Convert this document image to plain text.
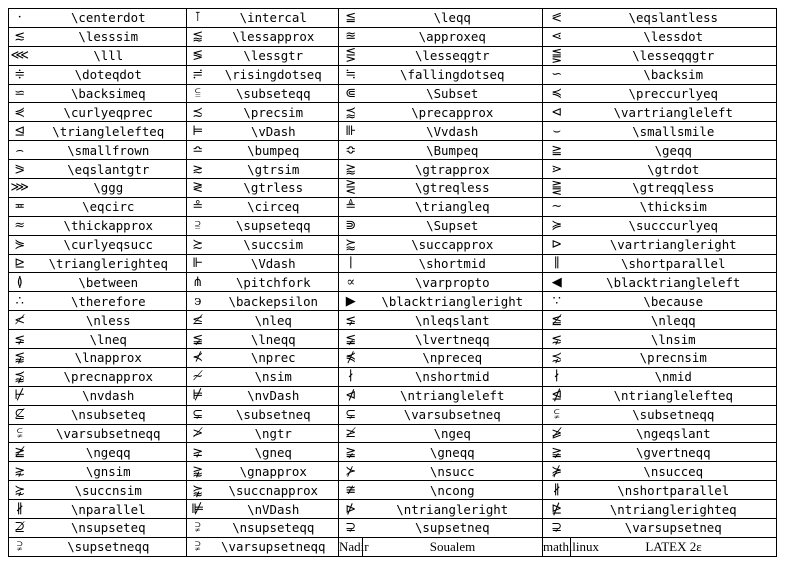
·	\centerdot	⊺	\intercal	≦	\leqq	⪕	\eqslantless
≲	\lesssim	⪅	\lessapprox	≊	\approxeq	⋖	\lessdot
⋘	\lll	≶	\lessgtr	⋚	\lesseqgtr	⪋	\lesseqqgtr
≑	\doteqdot	≓	\risingdotseq	≒	\fallingdotseq	∽	\backsim
⋍	\backsimeq	⫅	\subseteqq	⋐	\Subset	≼	\preccurlyeq
⋞	\curlyeqprec	≾	\precsim	⪷	\precapprox	⊲	\vartriangleleft
⊴	\trianglelefteq	⊨	\vDash	⊪	\Vvdash	⌣	\smallsmile
⌢	\smallfrown	≏	\bumpeq	≎	\Bumpeq	≧	\geqq
⪖	\eqslantgtr	≳	\gtrsim	⪆	\gtrapprox	⋗	\gtrdot
⋙	\ggg	≷	\gtrless	⋛	\gtreqless	⪌	\gtreqqless
≖	\eqcirc	≗	\circeq	≜	\triangleq	∼	\thicksim
≈	\thickapprox	⫆	\supseteqq	⋑	\Supset	≽	\succcurlyeq
⋟	\curlyeqsucc	≿	\succsim	⪸	\succapprox	⊳	\vartriangleright
⊵	\trianglerighteq	⊩	\Vdash	∣	\shortmid	∥	\shortparallel
≬	\between	⋔	\pitchfork	∝	\varpropto	◀	\blacktriangleleft
∴	\therefore	϶	\backepsilon	▶	\blacktriangleright	∵	\because
≮	\nless	≰	\nleq	⪇	\nleqslant	≦̸	\nleqq
⪇	\lneq	≨	\lneqq	≨	\lvertneqq	⋦	\lnsim
⪉	\lnapprox	⊀	\nprec	⋠	\npreceq	⋨	\precnsim
⪹	\precnapprox	≁	\nsim	∤	\nshortmid	∤	\nmid
⊬	\nvdash	⊭	\nvDash	⋪	\ntriangleleft	⋬	\ntrianglelefteq
⊈	\nsubseteq	⊊	\subsetneq	⊊	\varsubsetneq	⫋	\subsetneqq
⫋	\varsubsetneqq	≯	\ngtr	≱	\ngeq	⩾̸	\ngeqslant
≧̸	\ngeqq	⪈	\gneq	≩	\gneqq	≩	\gvertneqq
⋧	\gnsim	⪊	\gnapprox	⊁	\nsucc	⋡	\nsucceq
⋩	\succnsim	⪺	\succnapprox	≇	\ncong	∦	\nshortparallel
∦	\nparallel	⊯	\nVDash	⋫	\ntriangleright	⋭	\ntrianglerighteq
⊉	\nsupseteq	⫌	\nsupseteqq	⊋	\supsetneq	⊋	\varsupsetneq
⫌	\supsetneqq	⫌	\varsupsetneqq	Nadir	Soualem	math.linux	LATEX 2ε
